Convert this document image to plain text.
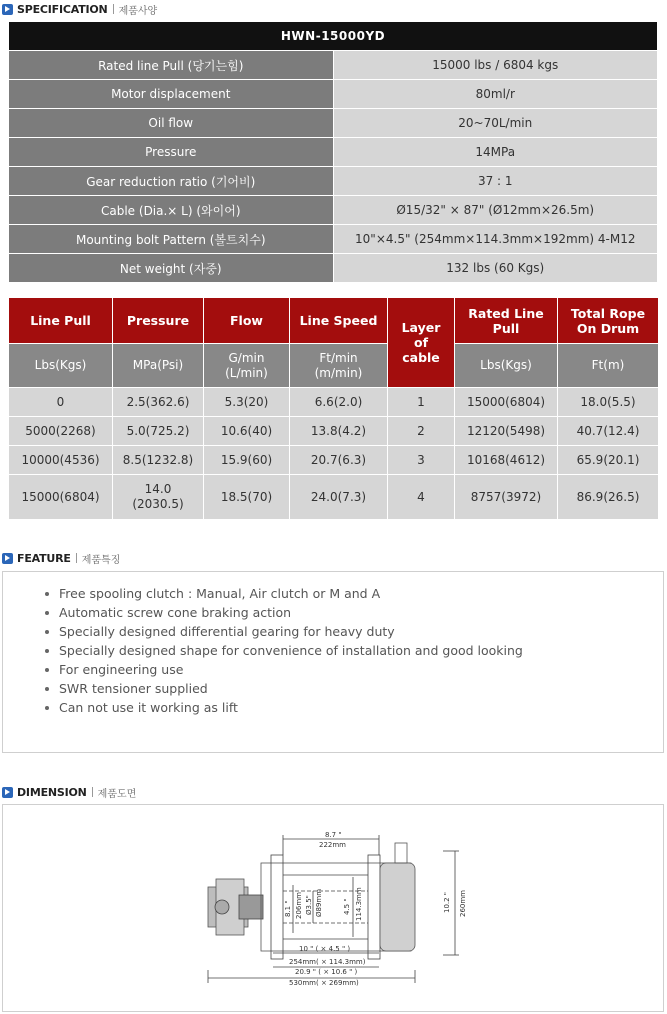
SPECIFICATION 제품사양
HWN-15000YD	
Rated line Pull (당기는힘)	15000 lbs / 6804 kgs
Motor displacement	80ml/r
Oil flow	20~70L/min
Pressure	14MPa
Gear reduction ratio (기어비)	37 : 1
Cable (Dia.× L) (와이어)	Ø15/32" × 87" (Ø12mm×26.5m)
Mounting bolt Pattern (볼트치수)	10"×4.5" (254mm×114.3mm×192mm) 4-M12
Net weight (자중)	132 lbs (60 Kgs)
Line Pull	Pressure	Flow	Line Speed	Layer of cable	Rated Line Pull	Total Rope On Drum
Lbs(Kgs)	MPa(Psi)	G/min (L/min)	Ft/min (m/min)		Lbs(Kgs)	Ft(m)
0	2.5(362.6)	5.3(20)	6.6(2.0)	1	15000(6804)	18.0(5.5)
5000(2268)	5.0(725.2)	10.6(40)	13.8(4.2)	2	12120(5498)	40.7(12.4)
10000(4536)	8.5(1232.8)	15.9(60)	20.7(6.3)	3	10168(4612)	65.9(20.1)
15000(6804)	14.0 (2030.5)	18.5(70)	24.0(7.3)	4	8757(3972)	86.9(26.5)
FEATURE 제품특징
Free spooling clutch : Manual, Air clutch or M and A
Automatic screw cone braking action
Specially designed differential gearing for heavy duty
Specially designed shape for convenience of installation and good looking
For engineering use
SWR tensioner supplied
Can not use it working as lift
DIMENSION 제품도면
8.7 "
222mm
8.1 " 206mm Ø3.5" Ø89mm	4.5 " 114.3mm	10.2 " 260mm
10 " ( × 4.5 " )
254mm( × 114.3mm)
20.9 " ( × 10.6 " )
530mm( × 269mm)
